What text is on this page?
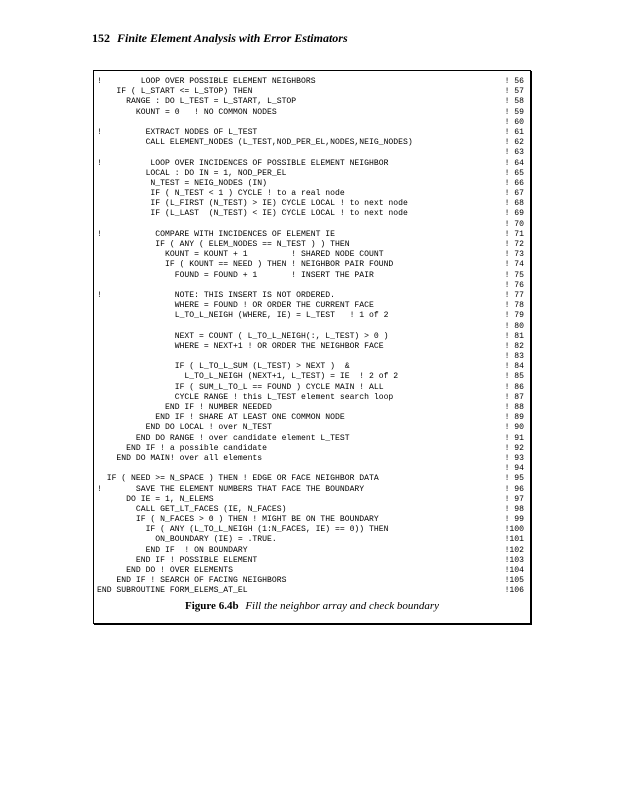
152 Finite Element Analysis with Error Estimators
!        LOOP OVER POSSIBLE ELEMENT NEIGHBORS	! 56
IF ( L_START <= L_STOP) THEN	! 57
RANGE : DO L_TEST = L_START, L_STOP	! 58
KOUNT = 0   ! NO COMMON NODES	! 59
! 60
!         EXTRACT NODES OF L_TEST	! 61
CALL ELEMENT_NODES (L_TEST,NOD_PER_EL,NODES,NEIG_NODES)	! 62
! 63
!          LOOP OVER INCIDENCES OF POSSIBLE ELEMENT NEIGHBOR	! 64
LOCAL : DO IN = 1, NOD_PER_EL	! 65
N_TEST = NEIG_NODES (IN)	! 66
IF ( N_TEST < 1 ) CYCLE ! to a real node	! 67
IF (L_FIRST (N_TEST) > IE) CYCLE LOCAL ! to next node	! 68
IF (L_LAST  (N_TEST) < IE) CYCLE LOCAL ! to next node	! 69
! 70
!           COMPARE WITH INCIDENCES OF ELEMENT IE	! 71
IF ( ANY ( ELEM_NODES == N_TEST ) ) THEN	! 72
KOUNT = KOUNT + 1         ! SHARED NODE COUNT	! 73
IF ( KOUNT == NEED ) THEN ! NEIGHBOR PAIR FOUND	! 74
FOUND = FOUND + 1       ! INSERT THE PAIR	! 75
! 76
!               NOTE: THIS INSERT IS NOT ORDERED.	! 77
WHERE = FOUND ! OR ORDER THE CURRENT FACE	! 78
L_TO_L_NEIGH (WHERE, IE) = L_TEST   ! 1 of 2	! 79
! 80
NEXT = COUNT ( L_TO_L_NEIGH(:, L_TEST) > 0 )	! 81
WHERE = NEXT+1 ! OR ORDER THE NEIGHBOR FACE	! 82
! 83
IF ( L_TO_L_SUM (L_TEST) > NEXT )  &	! 84
L_TO_L_NEIGH (NEXT+1, L_TEST) = IE  ! 2 of 2	! 85
IF ( SUM_L_TO_L == FOUND ) CYCLE MAIN ! ALL	! 86
CYCLE RANGE ! this L_TEST element search loop	! 87
END IF ! NUMBER NEEDED	! 88
END IF ! SHARE AT LEAST ONE COMMON NODE	! 89
END DO LOCAL ! over N_TEST	! 90
END DO RANGE ! over candidate element L_TEST	! 91
END IF ! a possible candidate	! 92
END DO MAIN! over all elements	! 93
! 94
IF ( NEED >= N_SPACE ) THEN ! EDGE OR FACE NEIGHBOR DATA	! 95
!       SAVE THE ELEMENT NUMBERS THAT FACE THE BOUNDARY	! 96
DO IE = 1, N_ELEMS	! 97
CALL GET_LT_FACES (IE, N_FACES)	! 98
IF ( N_FACES > 0 ) THEN ! MIGHT BE ON THE BOUNDARY	! 99
IF ( ANY (L_TO_L_NEIGH (1:N_FACES, IE) == 0)) THEN	!100
ON_BOUNDARY (IE) = .TRUE.	!101
END IF  ! ON BOUNDARY	!102
END IF ! POSSIBLE ELEMENT	!103
END DO ! OVER ELEMENTS	!104
END IF ! SEARCH OF FACING NEIGHBORS	!105
END SUBROUTINE FORM_ELEMS_AT_EL	!106
Figure 6.4b Fill the neighbor array and check boundary
